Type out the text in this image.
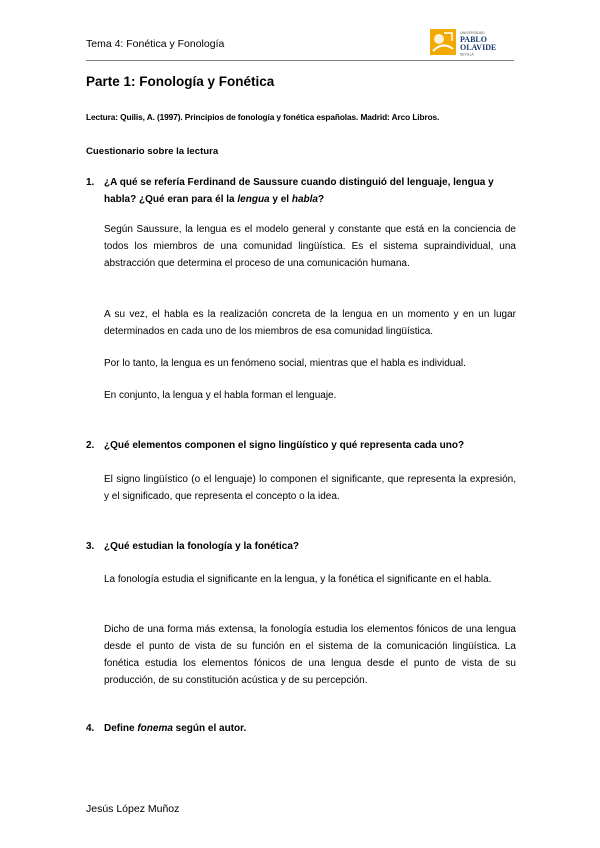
Tema 4: Fonética y Fonología
UNIVERSIDAD
PABLO
OLAVIDE
SEVILLA
Parte 1: Fonología y Fonética
Lectura: Quilis, A. (1997). Principios de fonología y fonética españolas. Madrid: Arco Libros.
Cuestionario sobre la lectura
1. ¿A qué se refería Ferdinand de Saussure cuando distinguió del lenguaje, lengua y habla? ¿Qué eran para él la lengua y el habla?
Según Saussure, la lengua es el modelo general y constante que está en la conciencia de todos los miembros de una comunidad lingüística. Es el sistema supraindividual, una abstracción que determina el proceso de una comunicación humana.
A su vez, el habla es la realización concreta de la lengua en un momento y en un lugar determinados en cada uno de los miembros de esa comunidad lingüística.
Por lo tanto, la lengua es un fenómeno social, mientras que el habla es individual.
En conjunto, la lengua y el habla forman el lenguaje.
2. ¿Qué elementos componen el signo lingüístico y qué representa cada uno?
El signo lingüístico (o el lenguaje) lo componen el significante, que representa la expresión, y el significado, que representa el concepto o la idea.
3. ¿Qué estudian la fonología y la fonética?
La fonología estudia el significante en la lengua, y la fonética el significante en el habla.
Dicho de una forma más extensa, la fonología estudia los elementos fónicos de una lengua desde el punto de vista de su función en el sistema de la comunicación lingüística. La fonética estudia los elementos fónicos de una lengua desde el punto de vista de su producción, de su constitución acústica y de su percepción.
4. Define fonema según el autor.
Jesús López Muñoz
